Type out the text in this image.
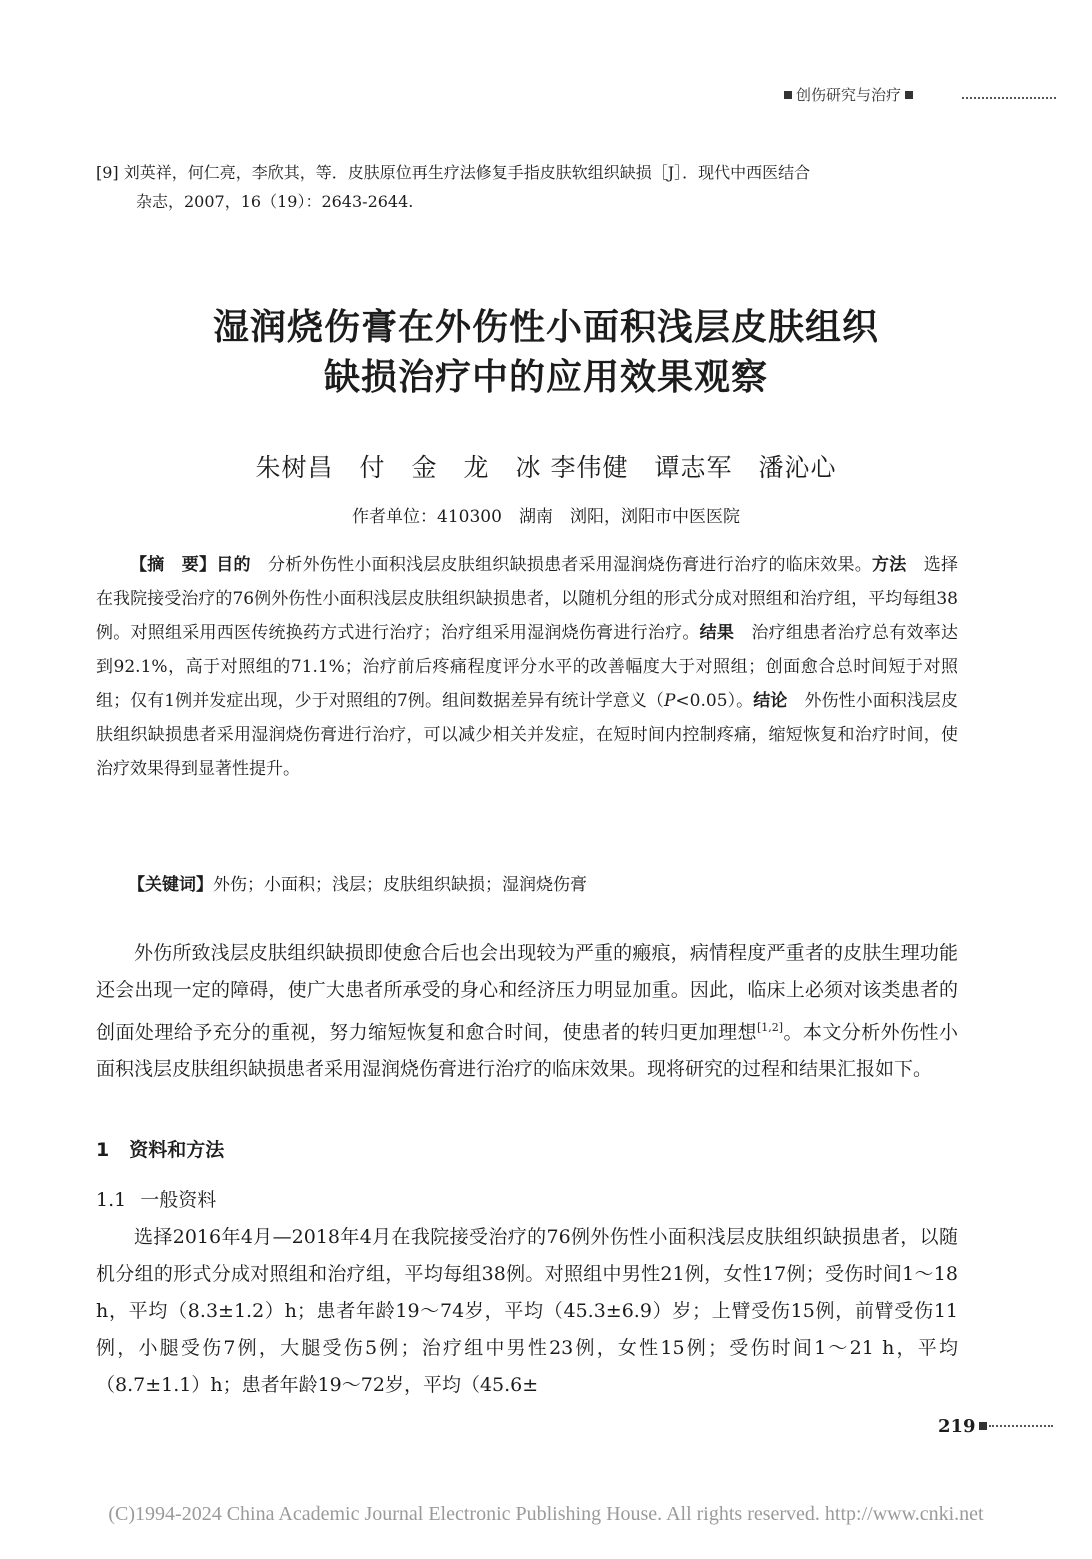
创伤研究与治疗
[9] 刘英祥，何仁亮，李欣其，等．皮肤原位再生疗法修复手指皮肤软组织缺损［J］．现代中西医结合
杂志，2007，16（19）：2643-2644.
湿润烧伤膏在外伤性小面积浅层皮肤组织
缺损治疗中的应用效果观察
朱树昌　付　金　龙　冰 李伟健　谭志军　潘沁心
作者单位：410300　湖南　浏阳，浏阳市中医医院
【摘　要】目的　分析外伤性小面积浅层皮肤组织缺损患者采用湿润烧伤膏进行治疗的临床效果。方法　选择在我院接受治疗的76例外伤性小面积浅层皮肤组织缺损患者，以随机分组的形式分成对照组和治疗组，平均每组38例。对照组采用西医传统换药方式进行治疗；治疗组采用湿润烧伤膏进行治疗。结果　治疗组患者治疗总有效率达到92.1%，高于对照组的71.1%；治疗前后疼痛程度评分水平的改善幅度大于对照组；创面愈合总时间短于对照组；仅有1例并发症出现，少于对照组的7例。组间数据差异有统计学意义（P<0.05）。结论　外伤性小面积浅层皮肤组织缺损患者采用湿润烧伤膏进行治疗，可以减少相关并发症，在短时间内控制疼痛，缩短恢复和治疗时间，使治疗效果得到显著性提升。
【关键词】外伤；小面积；浅层；皮肤组织缺损；湿润烧伤膏
外伤所致浅层皮肤组织缺损即使愈合后也会出现较为严重的瘢痕，病情程度严重者的皮肤生理功能还会出现一定的障碍，使广大患者所承受的身心和经济压力明显加重。因此，临床上必须对该类患者的创面处理给予充分的重视，努力缩短恢复和愈合时间，使患者的转归更加理想[1,2]。本文分析外伤性小面积浅层皮肤组织缺损患者采用湿润烧伤膏进行治疗的临床效果。现将研究的过程和结果汇报如下。
1 资料和方法
1.1 一般资料
选择2016年4月—2018年4月在我院接受治疗的76例外伤性小面积浅层皮肤组织缺损患者，以随机分组的形式分成对照组和治疗组，平均每组38例。对照组中男性21例，女性17例；受伤时间1～18 h，平均（8.3±1.2）h；患者年龄19～74岁，平均（45.3±6.9）岁；上臂受伤15例，前臂受伤11例，小腿受伤7例，大腿受伤5例；治疗组中男性23例，女性15例；受伤时间1～21 h，平均（8.7±1.1）h；患者年龄19～72岁，平均（45.6±
219
(C)1994-2024 China Academic Journal Electronic Publishing House. All rights reserved. http://www.cnki.net
